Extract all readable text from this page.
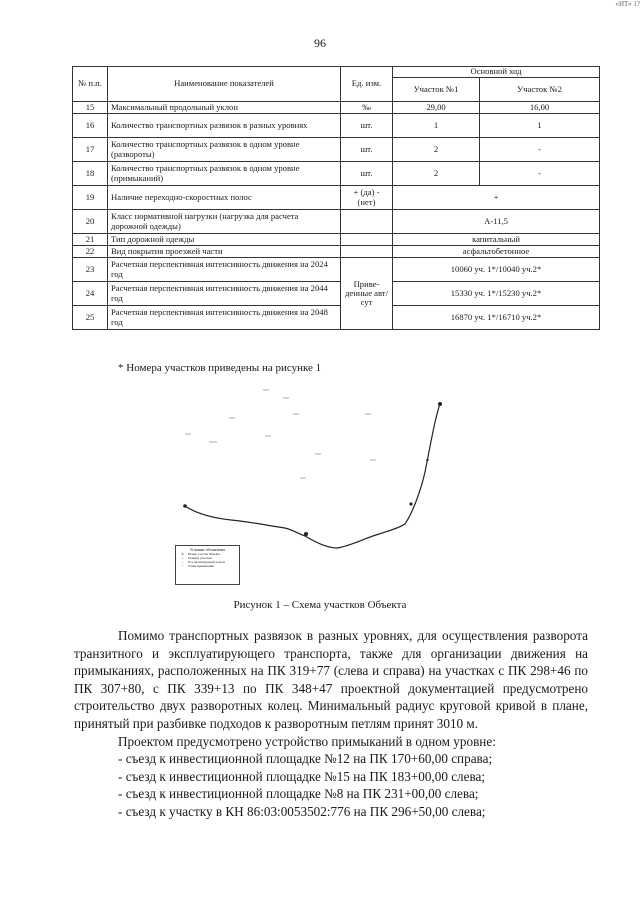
«ИТ» 1?
96
№ п.п.	Наименование показателей	Ед. изм.	Основной ход	
			Участок №1	Участок №2
15	Максимальный продольный уклон	‰	29,00	16,00
16	Количество транспортных развязок в разных уровнях	шт.	1	1
17	Количество транспортных развязок в одном уровне (развороты)	шт.	2	-
18	Количество транспортных развязок в одном уровне (примыканий)	шт.	2	-
19	Наличие переходно-скоростных полос	+ (да) - (нет)	+	
20	Класс нормативной нагрузки (нагрузка для расчета дорожной одежды)		А-11,5	
21	Тип дорожной одежды		капитальный	
22	Вид покрытия проезжей части		асфальтобетонное	
23	Расчетная перспективная интенсивность движения на 2024 год	Приве-денные авт/сут	10060 уч. 1*/10040 уч.2*	
24	Расчетная перспективная интенсивность движения на 2044 год		15330 уч. 1*/15230 уч.2*	
25	Расчетная перспективная интенсивность движения на 2048 год		16870 уч. 1*/16710 уч.2*	
* Номера участков приведены на рисунке 1
Условные обозначения
②	Номер участка Объекта
—	Граница участков
- -	Ось проектируемой дороги
•	Точки примыкания
Рисунок 1 – Схема участков Объекта

Помимо транспортных развязок в разных уровнях, для осуществления разворота транзитного и эксплуатирующего транспорта, также для организации движения на примыканиях, расположенных на ПК 319+77 (слева и справа) на участках с ПК 298+46 по ПК 307+80, с ПК 339+13 по ПК 348+47 проектной документацией предусмотрено строительство двух разворотных колец. Минимальный радиус круговой кривой в плане, принятый при разбивке подходов к разворотным петлям принят 3010 м.

Проектом предусмотрено устройство примыканий в одном уровне:

- съезд к инвестиционной площадке №12 на ПК 170+60,00 справа;
- съезд к инвестиционной площадке №15 на ПК 183+00,00 слева;
- съезд к инвестиционной площадке №8 на ПК 231+00,00 слева;
- съезд к участку в КН 86:03:0053502:776 на ПК 296+50,00 слева;
